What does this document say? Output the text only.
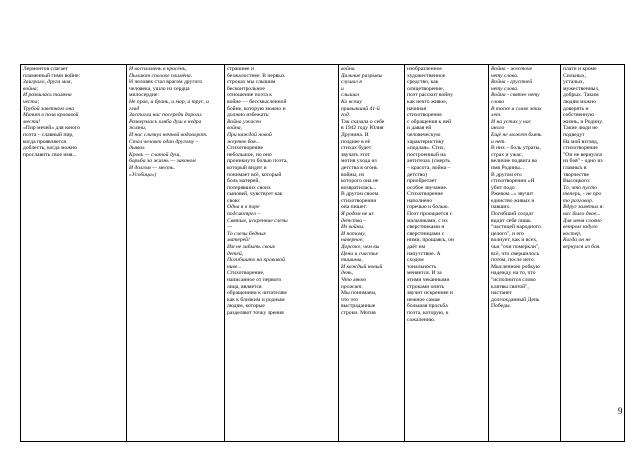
Лермонтов слагает
пламенный гимн войне:
Заиграло, друга моя,
война;
И развилась тамена
честа;
Трубой заветною она
Манит в поля кровавой
мести!
«Пир мечей» для юного
поэта – славный пир,
когда проявляется
доблесть, когда можно
прославить свое имя...

И воспламень в красень,
Пылают сполохе пламёна.
И человек стал врагом другого
человека, ушло из сердца
милосердие:
Не прав, и брань, и мор, и трус, и
глад
Застигли нас посереди дороги:
Разверзлась хляба душ в недра
жизни,
И нас слизнул ночной водоворот.
Стал человек одан другому –
дьявол.
Кровь — слатой душ,
борьба за жизнь — законом
И долгом — месть.
«Усобица»)

страшнее и
безжалостнее. В первых
строках мы слышим
бесконтрольное
отношение поэта к
войне — бессмысленной
бойне, которую можно и
должно избежать:
Война ужасен
война,
При каждой новой
жертве боя...
Стихотворение
небольшое, но оно
проникнуто болью поэта,
который видит и
понимает всё, который
боль матерей,
потерявших своих
сыновей, чувствует как
свою:
Одна я в поре
подсмотрел –
Святые, искренние слезы
—
То слезы бедных
матерей!
Им не забыть своих
детей,
Погибшитх на кровавой
ниве...
Стихотворение,
написанное от первого
лица, является
обращением к читателям
как к близким и родным
людям, которые
разделяют точку зрения

война.
Дальние разрывы
слушал я
и
слышал
Ко всему
привыкший 41-й
год.
Так сказала о себе
в 1942 году Юлия
Друнина. И
позднее в её
стихах будет
звучать этот
мотив ухода из
детства в огонь
войны, из
которого она не
возвратилась...
В другом своем
стихотворении
она пишет:
Я родом не из
детства –
Из войны.
И потому,
наверное,
Дороже, чем вы
Цени и счастье
тишины,
И каждый новый
день,
Что мною
прожит.
Мы понимаем,
что это
выстраданные
строки. Мотив

изобразленное
художественное
средство, как
олицетворение,
поэт расскит войну
как нечто живое,
начиная
стихотворение
с обращения к ней
и давая ей
человеческую
характеристику
«подлая». Стих,
построенный на
антитезах (смерть
– красота, война –
детство)
приобретает
особое звучание.
Стихотворение
наполнено
горечью и болью.
Поэт проощается с
мальчиками, с их
сверстниками и
сверстницами с
ними, прощаясь, он
даёт им
напутствие. А
сходом
тональность
меняется. И за
этими чеканными
строками опять
звучит искреннее и
нежное самая
большая просьба
поэта, которую, к
сожалению.

Война - жесточе
нету слова.
Война - грустней
нету слова.
Война - святее нету
слова
В тоске и славе этих
лет.
И на устах у нас
иного
Ещё не может быть
и нет.
В них – боль утраты,
страх и ужас,
величие подвига во
имя Родины...
В другом его
стихотворении «Я
убит подо
Ржевом...» звучит
единство живых и
павших.
Погибший солдат
видит себя лишь
"частицей народного
целого", и его
волнует, как и всех,
чьи "очи померкли",
всё, что свершилось
потом, после него.
Мысленною робкую
надежду на то, что
"исполнится слово
клятвы святой",
настанет
долгожданный День
Победы.

плати и кроме
Сильных,
усталых,
мужественных,
добрых. Таким
людям можно
доверять и
собственную
жизнь, и Родину.
Такие люди не
подведут
На мой взгляд,
стихотворение
"Он не вернулся
из боя" - одно из
главных в
творчестве
Высоцкого:
То, что пусто
теперь, - не про
то разговор.
Вдруг заметил я:
нас было двое...
Для меня словно
ветром задуло
костер,
Когда он не
вернулся из боя.
9
